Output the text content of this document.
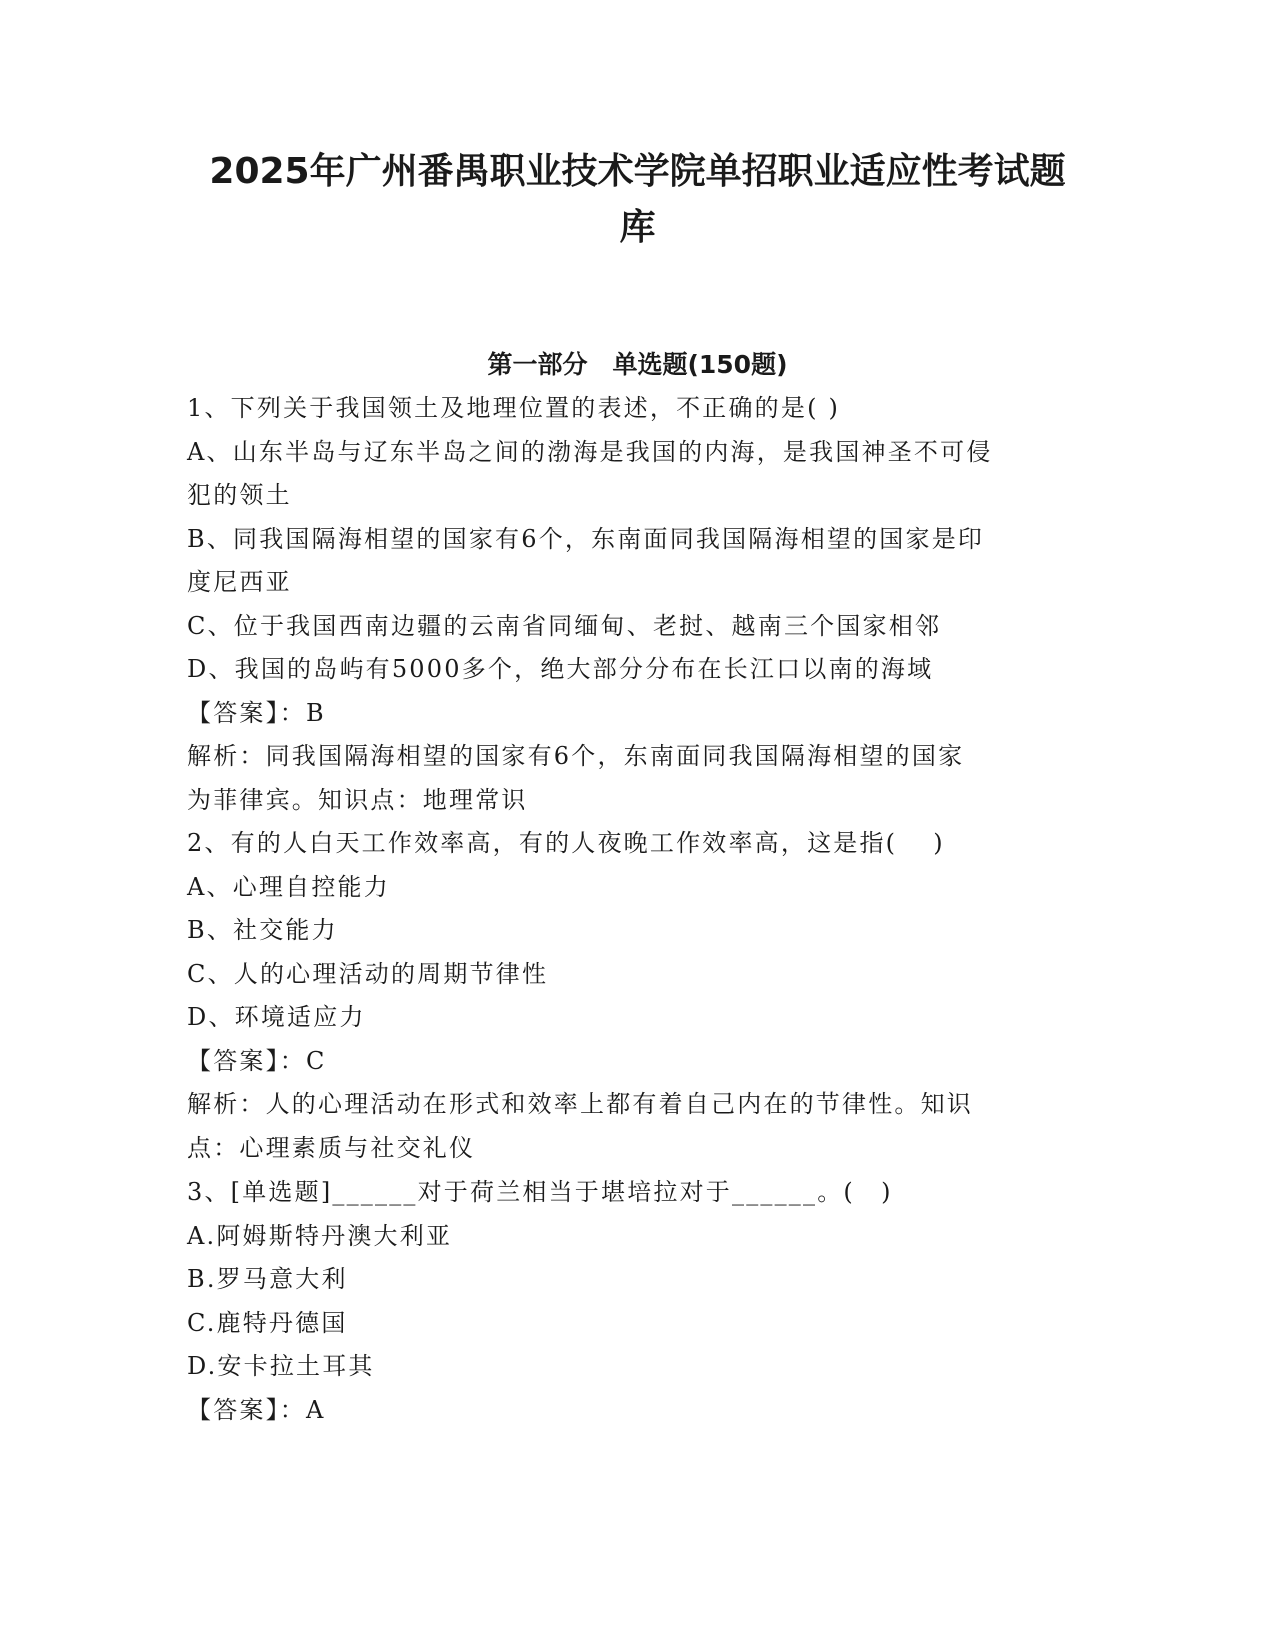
2025年广州番禺职业技术学院单招职业适应性考试题
库
第一部分　单选题(150题)
1、下列关于我国领土及地理位置的表述，不正确的是( )
A、山东半岛与辽东半岛之间的渤海是我国的内海，是我国神圣不可侵
犯的领土
B、同我国隔海相望的国家有6个，东南面同我国隔海相望的国家是印
度尼西亚
C、位于我国西南边疆的云南省同缅甸、老挝、越南三个国家相邻
D、我国的岛屿有5000多个，绝大部分分布在长江口以南的海域
【答案】：B
解析：同我国隔海相望的国家有6个，东南面同我国隔海相望的国家
为菲律宾。知识点：地理常识
2、有的人白天工作效率高，有的人夜晚工作效率高，这是指(　 )
A、心理自控能力
B、社交能力
C、人的心理活动的周期节律性
D、环境适应力
【答案】：C
解析：人的心理活动在形式和效率上都有着自己内在的节律性。知识
点：心理素质与社交礼仪
3、[单选题]______对于荷兰相当于堪培拉对于______。(　)
A.阿姆斯特丹澳大利亚
B.罗马意大利
C.鹿特丹德国
D.安卡拉土耳其
【答案】：A
